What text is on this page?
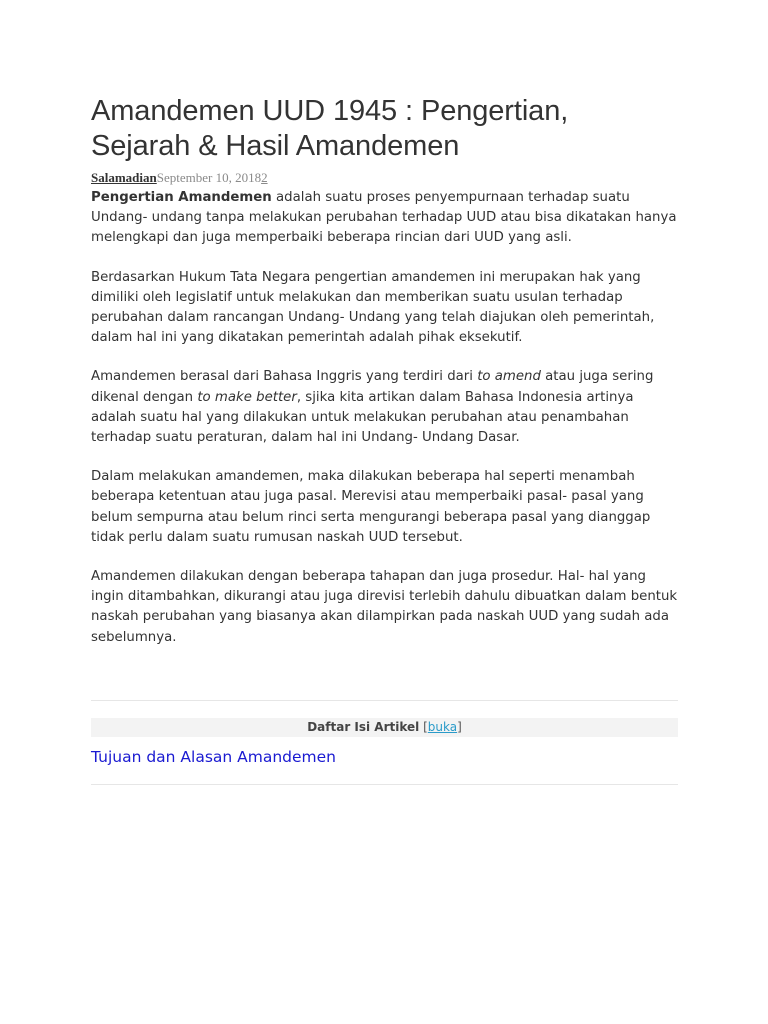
Amandemen UUD 1945 : Pengertian,
Sejarah & Hasil Amandemen
SalamadianSeptember 10, 20182

Pengertian Amandemen adalah suatu proses penyempurnaan terhadap suatu Undang- undang tanpa melakukan perubahan terhadap UUD atau bisa dikatakan hanya melengkapi dan juga memperbaiki beberapa rincian dari UUD yang asli.

Berdasarkan Hukum Tata Negara pengertian amandemen ini merupakan hak yang dimiliki oleh legislatif untuk melakukan dan memberikan suatu usulan terhadap perubahan dalam rancangan Undang- Undang yang telah diajukan oleh pemerintah, dalam hal ini yang dikatakan pemerintah adalah pihak eksekutif.

Amandemen berasal dari Bahasa Inggris yang terdiri dari to amend atau juga sering dikenal dengan to make better, sjika kita artikan dalam Bahasa Indonesia artinya adalah suatu hal yang dilakukan untuk melakukan perubahan atau penambahan terhadap suatu peraturan, dalam hal ini Undang- Undang Dasar.

Dalam melakukan amandemen, maka dilakukan beberapa hal seperti menambah beberapa ketentuan atau juga pasal. Merevisi atau memperbaiki pasal- pasal yang belum sempurna atau belum rinci serta mengurangi beberapa pasal yang dianggap tidak perlu dalam suatu rumusan naskah UUD tersebut.

Amandemen dilakukan dengan beberapa tahapan dan juga prosedur. Hal- hal yang ingin ditambahkan, dikurangi atau juga direvisi terlebih dahulu dibuatkan dalam bentuk naskah perubahan yang biasanya akan dilampirkan pada naskah UUD yang sudah ada sebelumnya.

Daftar Isi Artikel [buka]
Tujuan dan Alasan Amandemen
